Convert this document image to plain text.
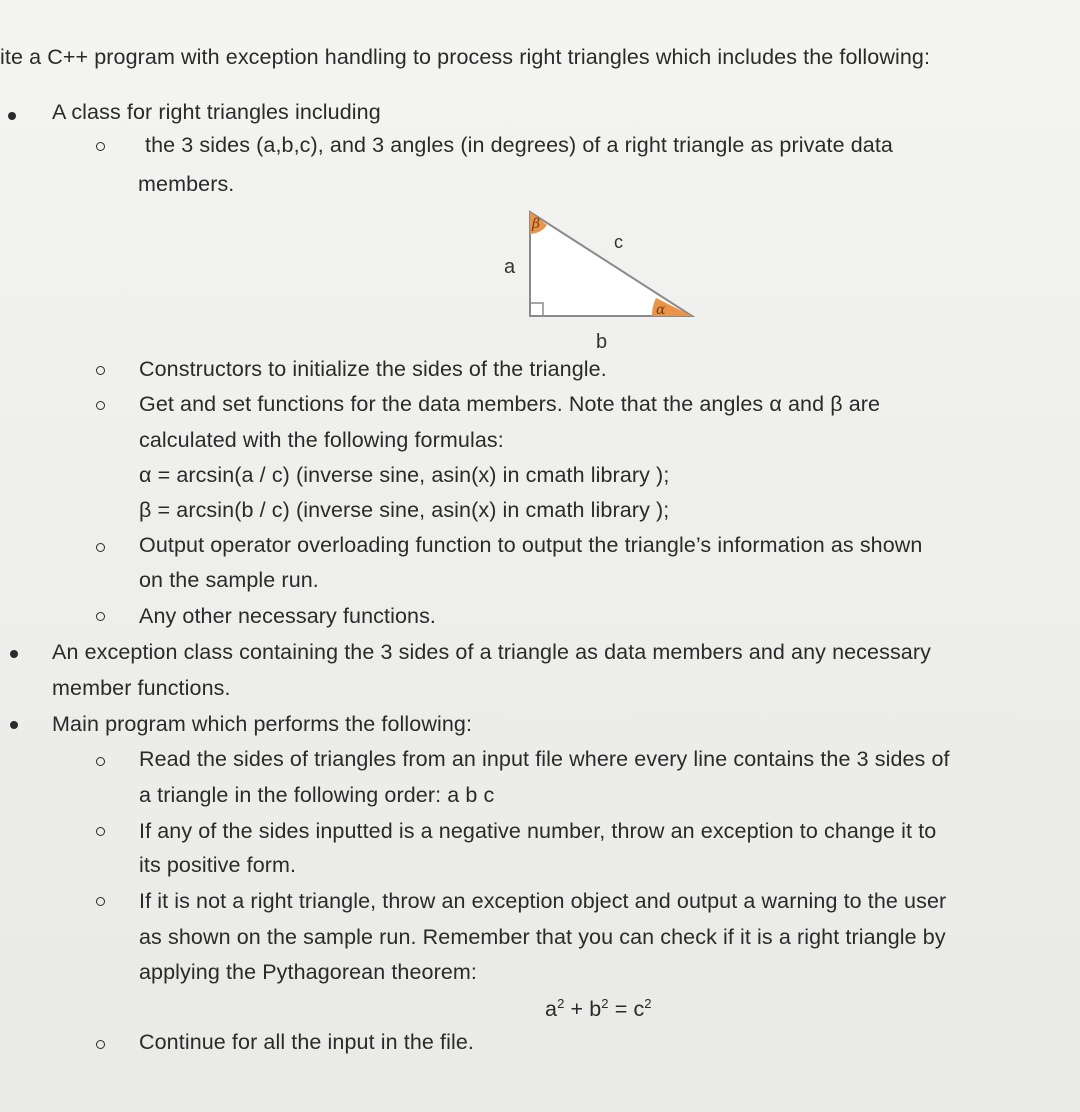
ite a C++ program with exception handling to process right triangles which includes the following:
A class for right triangles including
the 3 sides (a,b,c), and 3 angles (in degrees) of a right triangle as private data
members.
β
c
a
α
b
Constructors to initialize the sides of the triangle.
Get and set functions for the data members. Note that the angles α and β are
calculated with the following formulas:
α = arcsin(a / c) (inverse sine, asin(x) in cmath library );
β = arcsin(b / c) (inverse sine, asin(x) in cmath library );
Output operator overloading function to output the triangle’s information as shown
on the sample run.
Any other necessary functions.
An exception class containing the 3 sides of a triangle as data members and any necessary
member functions.
Main program which performs the following:
Read the sides of triangles from an input file where every line contains the 3 sides of
a triangle in the following order: a b c
If any of the sides inputted is a negative number, throw an exception to change it to
its positive form.
If it is not a right triangle, throw an exception object and output a warning to the user
as shown on the sample run. Remember that you can check if it is a right triangle by
applying the Pythagorean theorem:
$a^2 + b^2 = c^2$
Continue for all the input in the file.
